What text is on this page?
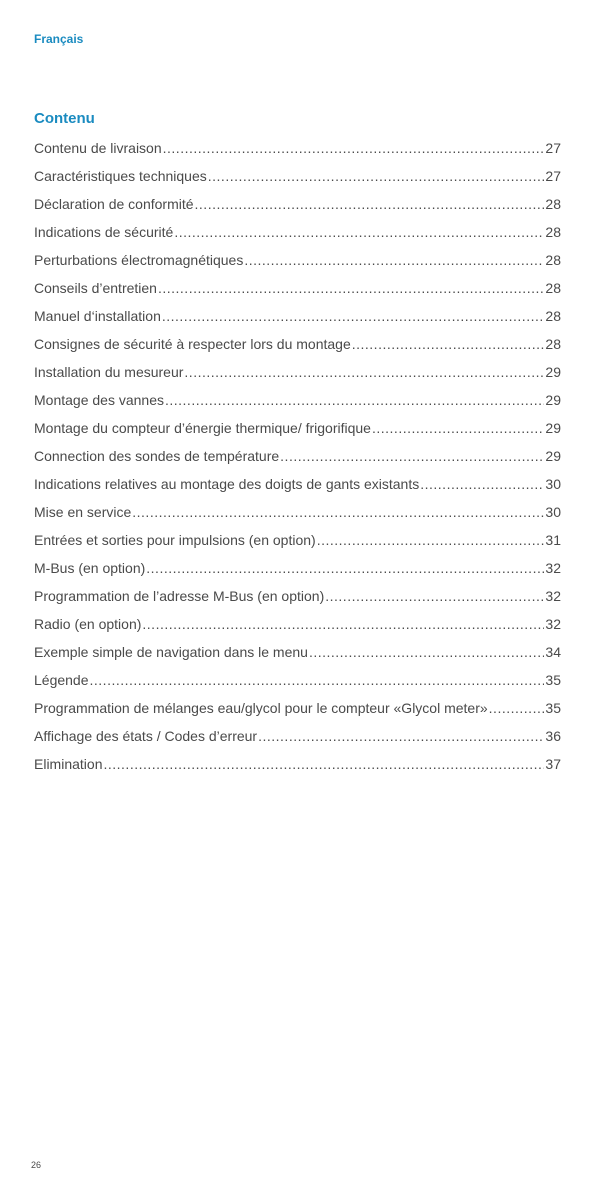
Français
Contenu
Contenu de livraison .....	27
Caractéristiques techniques .....	27
Déclaration de conformité .....	28
Indications de sécurité .....	28
Perturbations électromagnétiques .....	28
Conseils d’entretien .....	28
Manuel d‘installation .....	28
Consignes de sécurité à respecter lors du montage .....	28
Installation du mesureur .....	29
Montage des vannes .....	29
Montage du compteur d’énergie thermique/ frigorifique .....	29
Connection des sondes de température .....	29
Indications relatives au montage des doigts de gants existants .....	30
Mise en service .....	30
Entrées et sorties pour impulsions (en option) .....	31
M-Bus (en option) .....	32
Programmation de l’adresse M-Bus (en option) .....	32
Radio (en option) .....	32
Exemple simple de navigation dans le menu .....	34
Légende .....	35
Programmation de mélanges eau/glycol pour le compteur «Glycol meter» .....	35
Affichage des états / Codes d’erreur .....	36
Elimination .....	37
26
